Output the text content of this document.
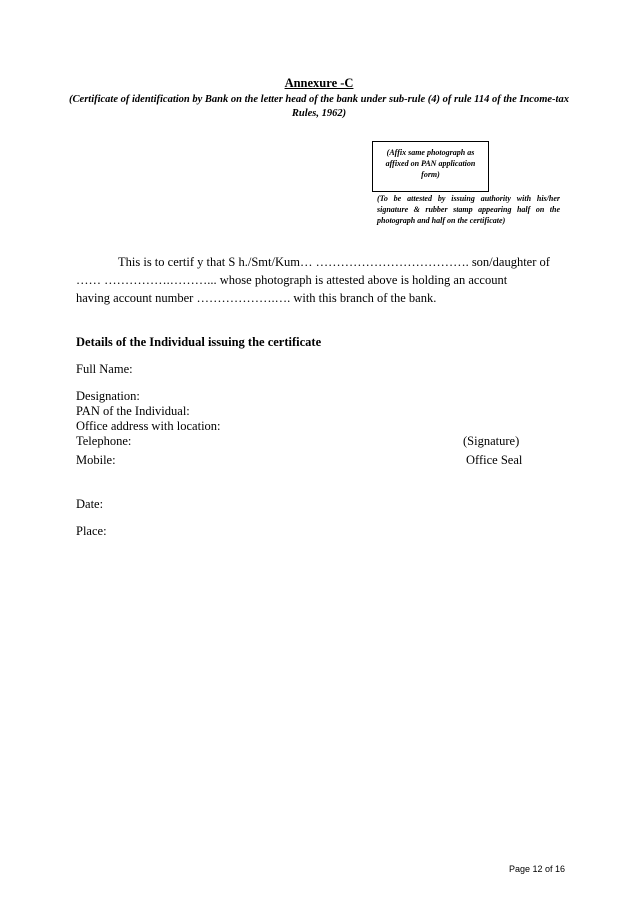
Annexure -C
(Certificate of identification by Bank on the letter head of the bank under sub-rule (4) of rule 114 of the Income-tax Rules, 1962)
(Affix same photograph as
affixed on PAN application
form)
(To be attested by issuing authority with his/her signature & rubber stamp appearing half on the photograph and half on the certificate)
This is to certif y that S h./Smt/Kum… ………………………………. son/daughter of
…… …………….………... whose photograph is attested above is holding an account
having account number ……………….…. with this branch of the bank.
Details of the Individual issuing the certificate
Full Name:
Designation:
PAN of the Individual:
Office address with location:
Telephone:
Mobile:
(Signature)
Office Seal
Date:
Place:
Page 12 of 16
